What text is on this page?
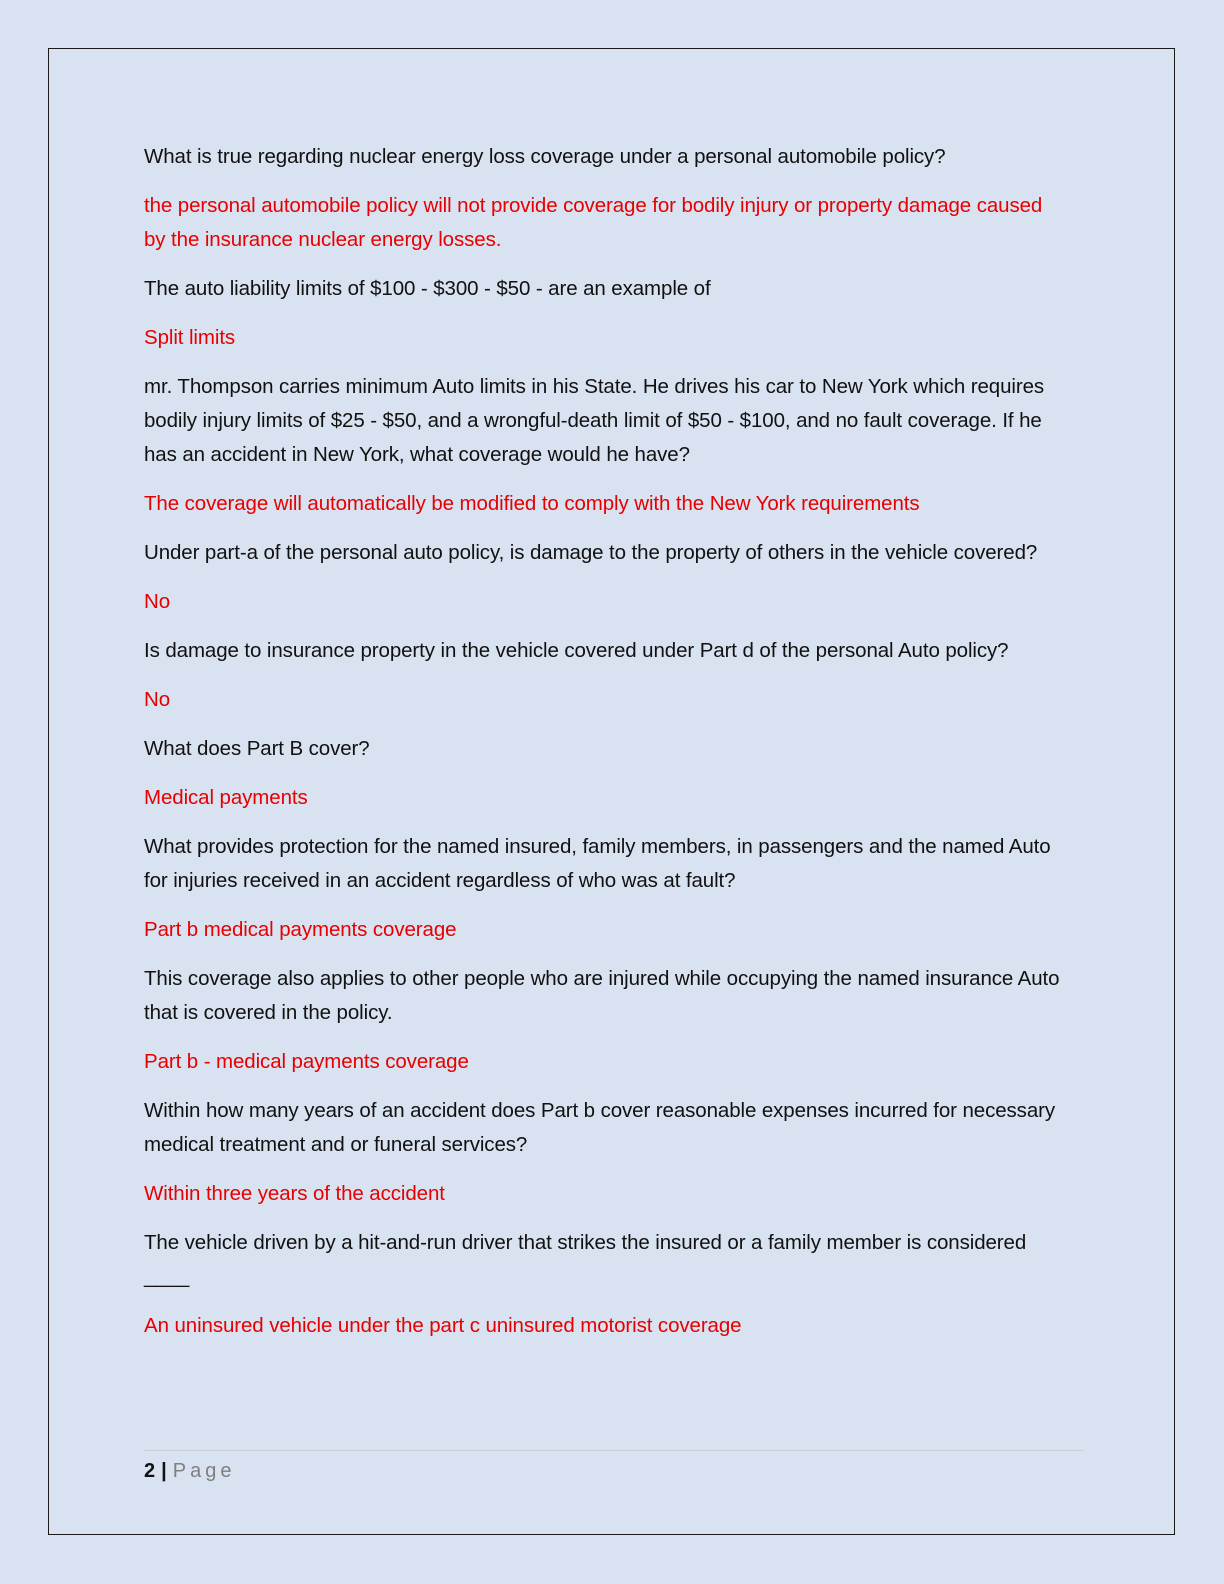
What is true regarding nuclear energy loss coverage under a personal automobile policy?

the personal automobile policy will not provide coverage for bodily injury or property damage caused by the insurance nuclear energy losses.

The auto liability limits of $100 - $300 - $50 - are an example of

Split limits

mr. Thompson carries minimum Auto limits in his State. He drives his car to New York which requires bodily injury limits of $25 - $50, and a wrongful-death limit of $50 - $100, and no fault coverage. If he has an accident in New York, what coverage would he have?

The coverage will automatically be modified to comply with the New York requirements

Under part-a of the personal auto policy, is damage to the property of others in the vehicle covered?

No

Is damage to insurance property in the vehicle covered under Part d of the personal Auto policy?

No

What does Part B cover?

Medical payments

What provides protection for the named insured, family members, in passengers and the named Auto for injuries received in an accident regardless of who was at fault?

Part b medical payments coverage

This coverage also applies to other people who are injured while occupying the named insurance Auto that is covered in the policy.

Part b - medical payments coverage

Within how many years of an accident does Part b cover reasonable expenses incurred for necessary medical treatment and or funeral services?

Within three years of the accident

The vehicle driven by a hit-and-run driver that strikes the insured or a family member is considered ____

An uninsured vehicle under the part c uninsured motorist coverage

2 | Page
